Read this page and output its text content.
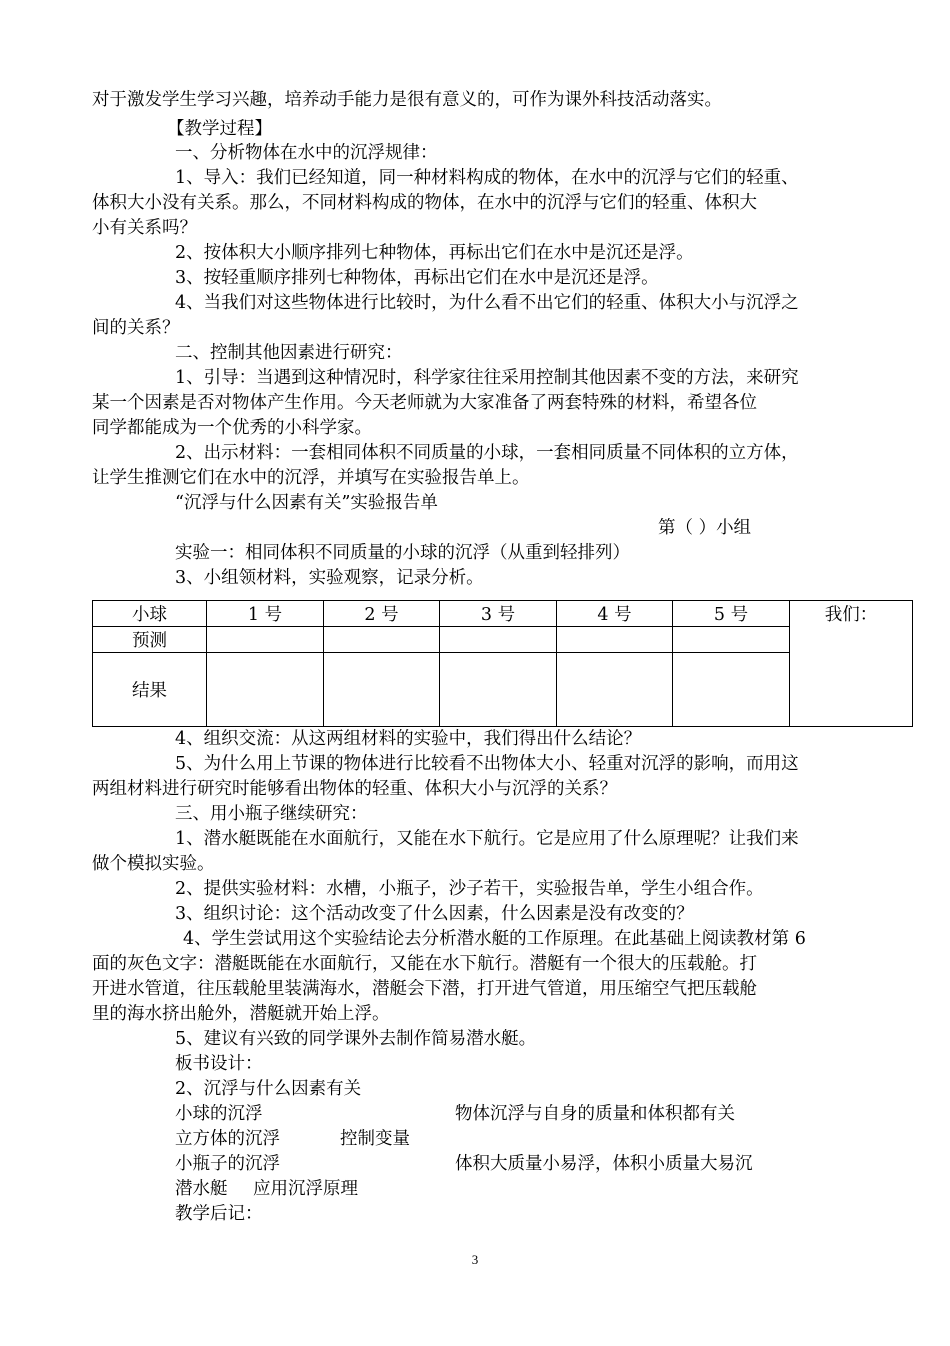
对于激发学生学习兴趣，培养动手能力是很有意义的，可作为课外科技活动落实。
【教学过程】
一、分析物体在水中的沉浮规律：
1、导入：我们已经知道，同一种材料构成的物体，在水中的沉浮与它们的轻重、
体积大小没有关系。那么，不同材料构成的物体，在水中的沉浮与它们的轻重、体积大
小有关系吗？
2、按体积大小顺序排列七种物体，再标出它们在水中是沉还是浮。
3、按轻重顺序排列七种物体，再标出它们在水中是沉还是浮。
4、当我们对这些物体进行比较时，为什么看不出它们的轻重、体积大小与沉浮之
间的关系？
二、控制其他因素进行研究：
1、引导：当遇到这种情况时，科学家往往采用控制其他因素不变的方法，来研究
某一个因素是否对物体产生作用。今天老师就为大家准备了两套特殊的材料，希望各位
同学都能成为一个优秀的小科学家。
2、出示材料：一套相同体积不同质量的小球，一套相同质量不同体积的立方体，
让学生推测它们在水中的沉浮，并填写在实验报告单上。
“沉浮与什么因素有关”实验报告单
第（ ）小组
实验一：相同体积不同质量的小球的沉浮（从重到轻排列）
3、小组领材料，实验观察，记录分析。
小球	1 号	2 号	3 号	4 号	5 号	我们：
预测						
结果						
4、组织交流：从这两组材料的实验中，我们得出什么结论？
5、为什么用上节课的物体进行比较看不出物体大小、轻重对沉浮的影响，而用这
两组材料进行研究时能够看出物体的轻重、体积大小与沉浮的关系？
三、用小瓶子继续研究：
1、潜水艇既能在水面航行，又能在水下航行。它是应用了什么原理呢？让我们来
做个模拟实验。
2、提供实验材料：水槽，小瓶子，沙子若干，实验报告单，学生小组合作。
3、组织讨论：这个活动改变了什么因素，什么因素是没有改变的？
4、学生尝试用这个实验结论去分析潜水艇的工作原理。在此基础上阅读教材第 6
面的灰色文字：潜艇既能在水面航行，又能在水下航行。潜艇有一个很大的压载舱。打
开进水管道，往压载舱里装满海水，潜艇会下潜，打开进气管道，用压缩空气把压载舱
里的海水挤出舱外，潜艇就开始上浮。
5、建议有兴致的同学课外去制作简易潜水艇。
板书设计：
2、沉浮与什么因素有关
小球的沉浮	物体沉浮与自身的质量和体积都有关
立方体的沉浮	控制变量
小瓶子的沉浮	体积大质量小易浮，体积小质量大易沉
潜水艇 应用沉浮原理
教学后记：
3
